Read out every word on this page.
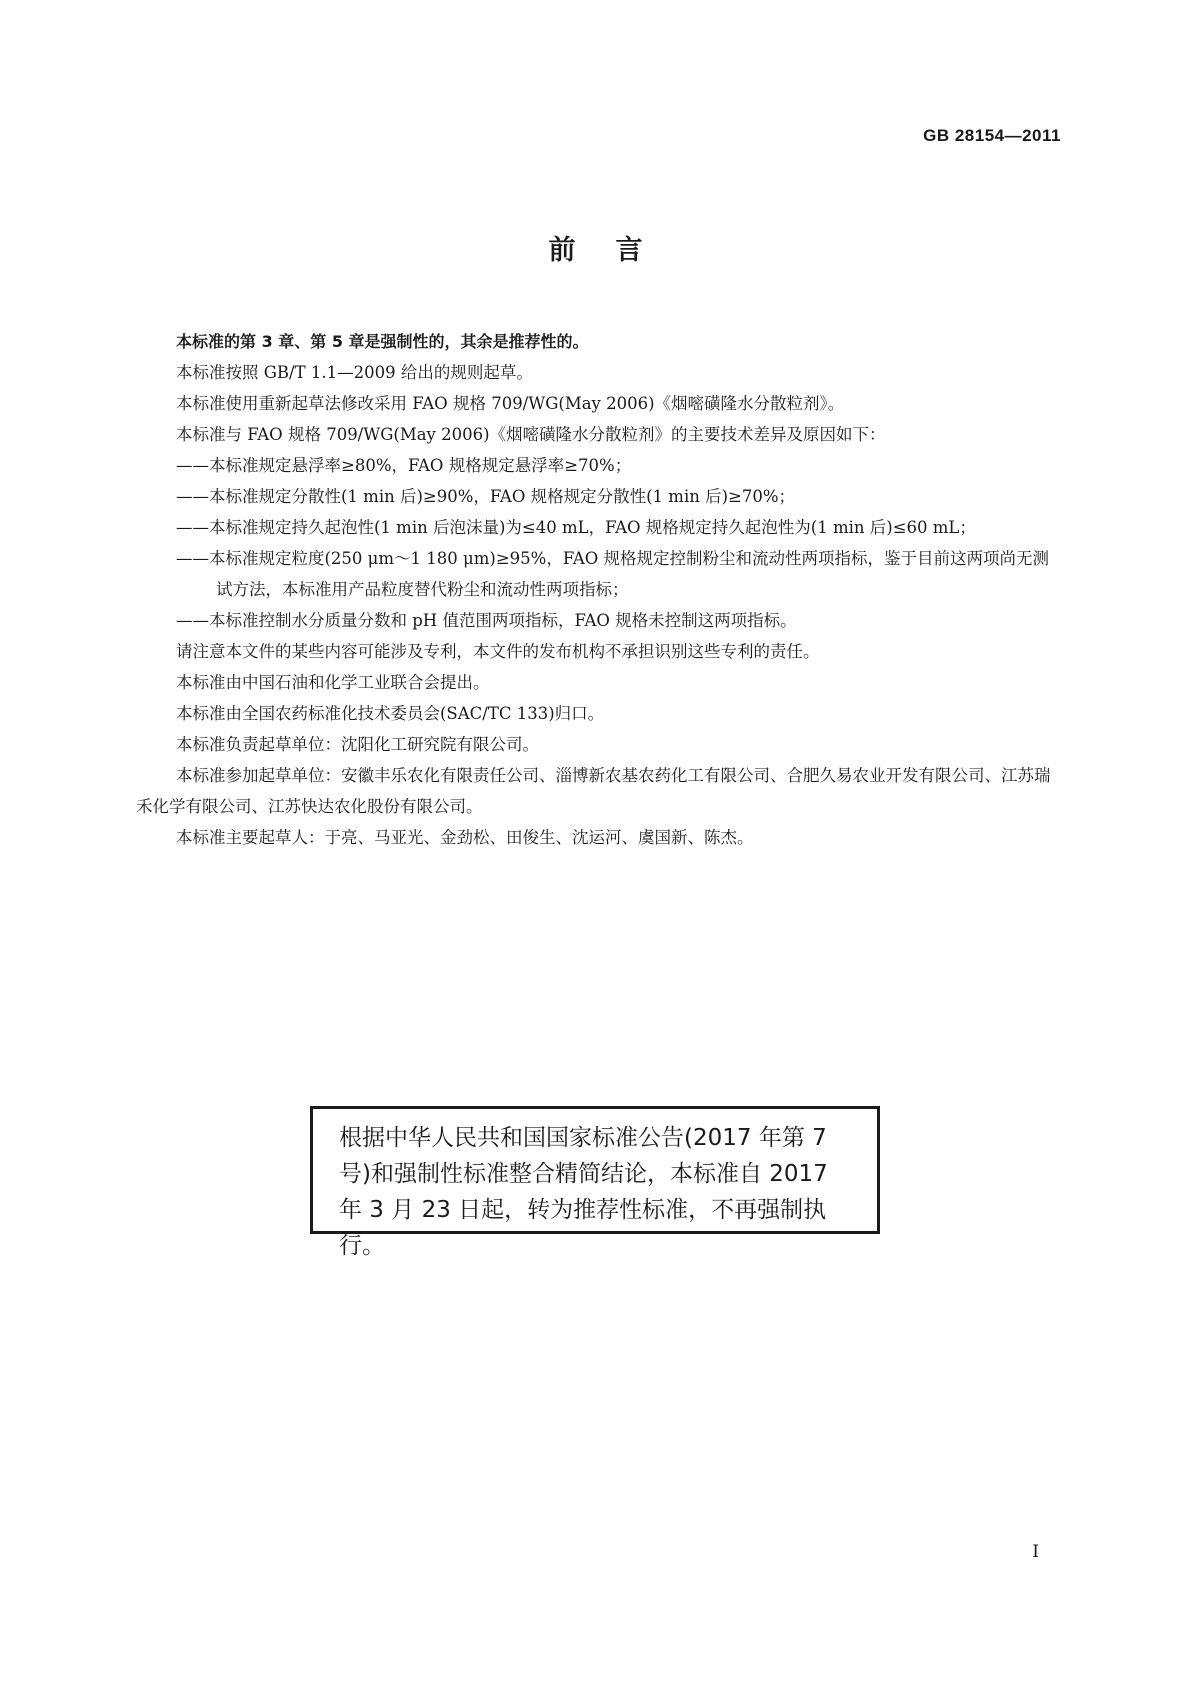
GB 28154—2011
前言

本标准的第 3 章、第 5 章是强制性的，其余是推荐性的。

本标准按照 GB/T 1.1—2009 给出的规则起草。

本标准使用重新起草法修改采用 FAO 规格 709/WG(May 2006)《烟嘧磺隆水分散粒剂》。

本标准与 FAO 规格 709/WG(May 2006)《烟嘧磺隆水分散粒剂》的主要技术差异及原因如下：

——本标准规定悬浮率≥80%，FAO 规格规定悬浮率≥70%；

——本标准规定分散性(1 min 后)≥90%，FAO 规格规定分散性(1 min 后)≥70%；

——本标准规定持久起泡性(1 min 后泡沫量)为≤40 mL，FAO 规格规定持久起泡性为(1 min 后)≤60 mL；

——本标准规定粒度(250 μm～1 180 μm)≥95%，FAO 规格规定控制粉尘和流动性两项指标，鉴于目前这两项尚无测试方法，本标准用产品粒度替代粉尘和流动性两项指标；

——本标准控制水分质量分数和 pH 值范围两项指标，FAO 规格未控制这两项指标。

请注意本文件的某些内容可能涉及专利，本文件的发布机构不承担识别这些专利的责任。

本标准由中国石油和化学工业联合会提出。

本标准由全国农药标准化技术委员会(SAC/TC 133)归口。

本标准负责起草单位：沈阳化工研究院有限公司。

本标准参加起草单位：安徽丰乐农化有限责任公司、淄博新农基农药化工有限公司、合肥久易农业开发有限公司、江苏瑞禾化学有限公司、江苏快达农化股份有限公司。

本标准主要起草人：于亮、马亚光、金劲松、田俊生、沈运河、虞国新、陈杰。

根据中华人民共和国国家标准公告(2017 年第 7 号)和强制性标准整合精简结论，本标准自 2017 年 3 月 23 日起，转为推荐性标准，不再强制执行。
I
